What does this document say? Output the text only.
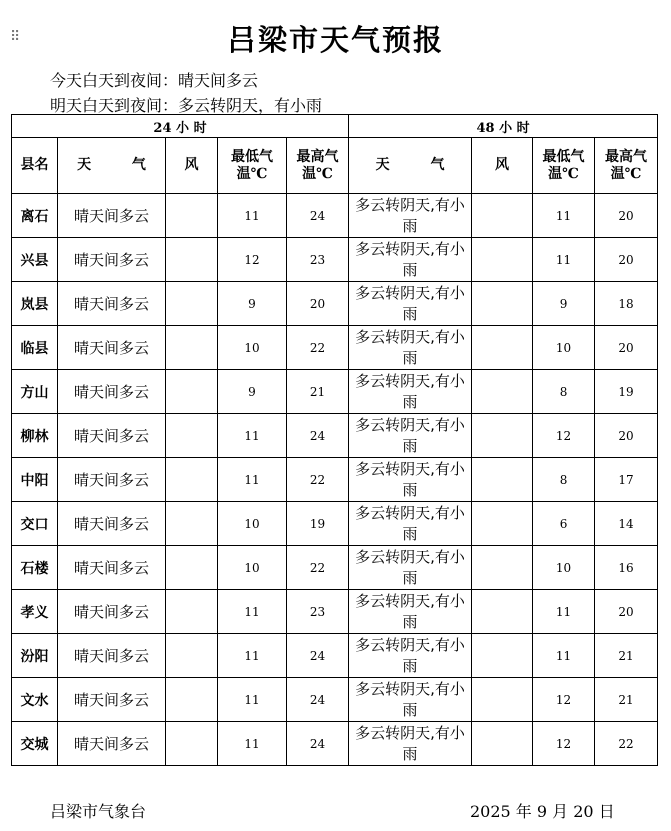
⠿	吕梁市天气预报
今天白天到夜间：晴天间多云
明天白天到夜间：多云转阴天，有小雨
24 小 时					48 小 时			
县名	天 气	风	最低气温℃	最高气温℃	天 气	风	最低气温℃	最高气温℃
离石	晴天间多云		11	24	多云转阴天,有小雨		11	20
兴县	晴天间多云		12	23	多云转阴天,有小雨		11	20
岚县	晴天间多云		9	20	多云转阴天,有小雨		9	18
临县	晴天间多云		10	22	多云转阴天,有小雨		10	20
方山	晴天间多云		9	21	多云转阴天,有小雨		8	19
柳林	晴天间多云		11	24	多云转阴天,有小雨		12	20
中阳	晴天间多云		11	22	多云转阴天,有小雨		8	17
交口	晴天间多云		10	19	多云转阴天,有小雨		6	14
石楼	晴天间多云		10	22	多云转阴天,有小雨		10	16
孝义	晴天间多云		11	23	多云转阴天,有小雨		11	20
汾阳	晴天间多云		11	24	多云转阴天,有小雨		11	21
文水	晴天间多云		11	24	多云转阴天,有小雨		12	21
交城	晴天间多云		11	24	多云转阴天,有小雨		12	22
吕梁市气象台	2025 年 9 月 20 日
